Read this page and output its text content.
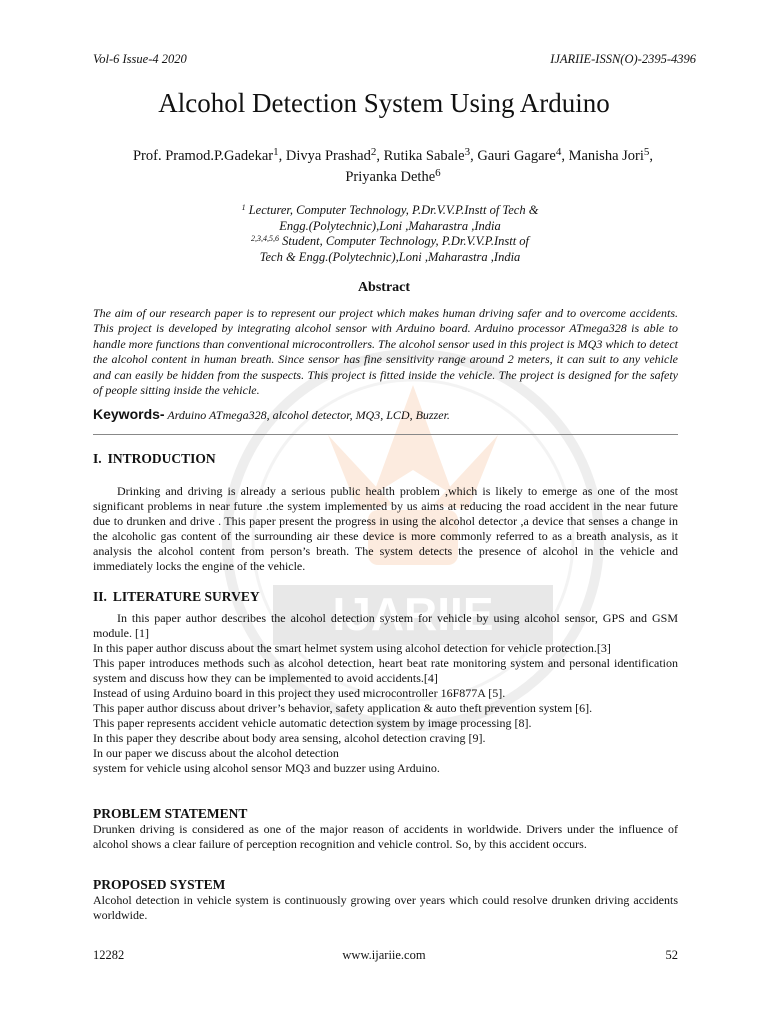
IJARIIE
Vol-6 Issue-4 2020	IJARIIE-ISSN(O)-2395-4396
Alcohol Detection System Using Arduino
Prof. Pramod.P.Gadekar$^1$, Divya Prashad$^2$, Rutika Sabale$^3$, Gauri Gagare$^4$, Manisha Jori$^5$,
Priyanka Dethe$^6$
$^1$ Lecturer, Computer Technology, P.Dr.V.V.P.Instt of Tech &
Engg.(Polytechnic),Loni ,Maharastra ,India
$^{2,3,4,5,6}$ Student, Computer Technology, P.Dr.V.V.P.Instt of
Tech & Engg.(Polytechnic),Loni ,Maharastra ,India
Abstract
The aim of our research paper is to represent our project which makes human driving safer and to overcome accidents. This project is developed by integrating alcohol sensor with Arduino board. Arduino processor ATmega328 is able to handle more functions than conventional microcontrollers. The alcohol sensor used in this project is MQ3 which to detect the alcohol content in human breath. Since sensor has fine sensitivity range around 2 meters, it can suit to any vehicle and can easily be hidden from the suspects. This project is fitted inside the vehicle. The project is designed for the safety of people sitting inside the vehicle.
Keywords- Arduino ATmega328, alcohol detector, MQ3, LCD, Buzzer.
I. INTRODUCTION

Drinking and driving is already a serious public health problem ,which is likely to emerge as one of the most significant problems in near future .the system implemented by us aims at reducing the road accident in the near future due to drunken and drive . This paper present the progress in using the alcohol detector ,a device that senses a change in the alcoholic gas content of the surrounding air these device is more commonly referred to as a breath analysis, as it analysis the alcohol content from person’s breath. The system detects the presence of alcohol in the vehicle and immediately locks the engine of the vehicle.

II. LITERATURE SURVEY

In this paper author describes the alcohol detection system for vehicle by using alcohol sensor, GPS and GSM module. [1]

In this paper author discuss about the smart helmet system using alcohol detection for vehicle protection.[3]

This paper introduces methods such as alcohol detection, heart beat rate monitoring system and personal identification system and discuss how they can be implemented to avoid accidents.[4]

Instead of using Arduino board in this project they used microcontroller 16F877A [5].

This paper author discuss about driver’s behavior, safety application & auto theft prevention system [6].

This paper represents accident vehicle automatic detection system by image processing [8].

In this paper they describe about body area sensing, alcohol detection craving [9].

In our paper we discuss about the alcohol detection

system for vehicle using alcohol sensor MQ3 and buzzer using Arduino.

PROBLEM STATEMENT

Drunken driving is considered as one of the major reason of accidents in worldwide. Drivers under the influence of alcohol shows a clear failure of perception recognition and vehicle control. So, by this accident occurs.

PROPOSED SYSTEM

Alcohol detection in vehicle system is continuously growing over years which could resolve drunken driving accidents worldwide.

12282	www.ijariie.com	52
